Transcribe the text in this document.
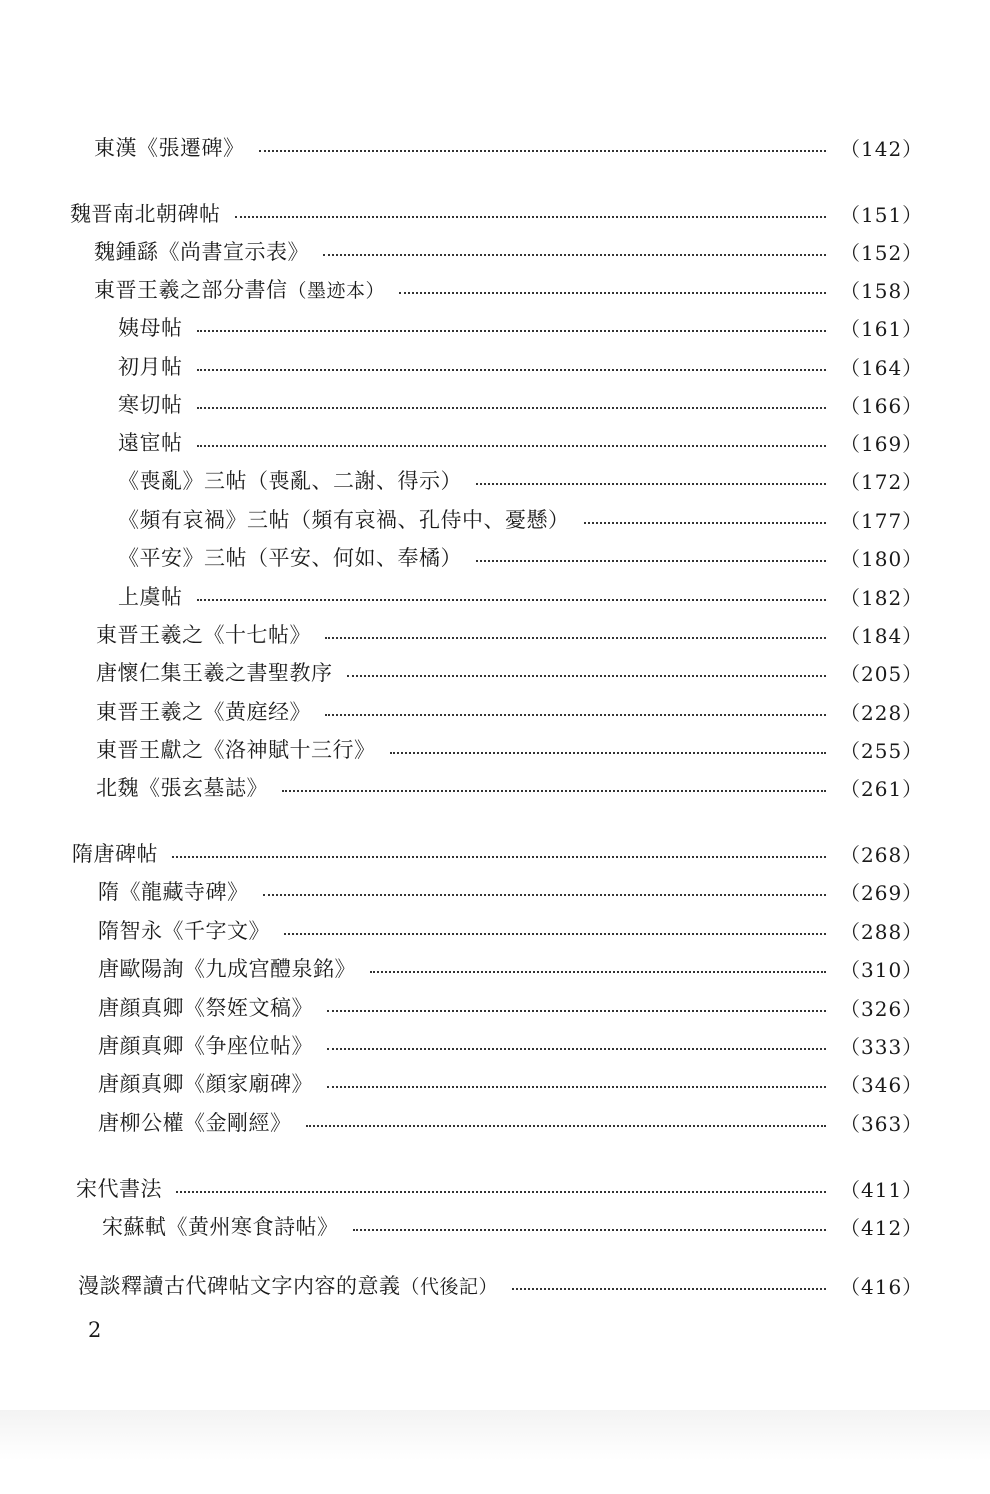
東漢《張遷碑》	（142）
魏晋南北朝碑帖	（151）
魏鍾繇《尚書宣示表》	（152）
東晋王羲之部分書信 （墨迹本）	（158）
姨母帖	（161）
初月帖	（164）
寒切帖	（166）
遠宦帖	（169）
《喪亂》三帖（喪亂、二謝、得示）	（172）
《頻有哀禍》三帖（頻有哀禍、孔侍中、憂懸）	（177）
《平安》三帖（平安、何如、奉橘）	（180）
上虞帖	（182）
東晋王羲之《十七帖》	（184）
唐懷仁集王羲之書聖教序	（205）
東晋王羲之《黄庭经》	（228）
東晋王獻之《洛神賦十三行》	（255）
北魏《張玄墓誌》	（261）
隋唐碑帖	（268）
隋《龍藏寺碑》	（269）
隋智永《千字文》	（288）
唐歐陽詢《九成宫醴泉銘》	（310）
唐顔真卿《祭姪文稿》	（326）
唐顔真卿《争座位帖》	（333）
唐顔真卿《顔家廟碑》	（346）
唐柳公權《金剛經》	（363）
宋代書法	（411）
宋蘇軾《黄州寒食詩帖》	（412）
漫談釋讀古代碑帖文字内容的意義 （代後記）	（416）
2
